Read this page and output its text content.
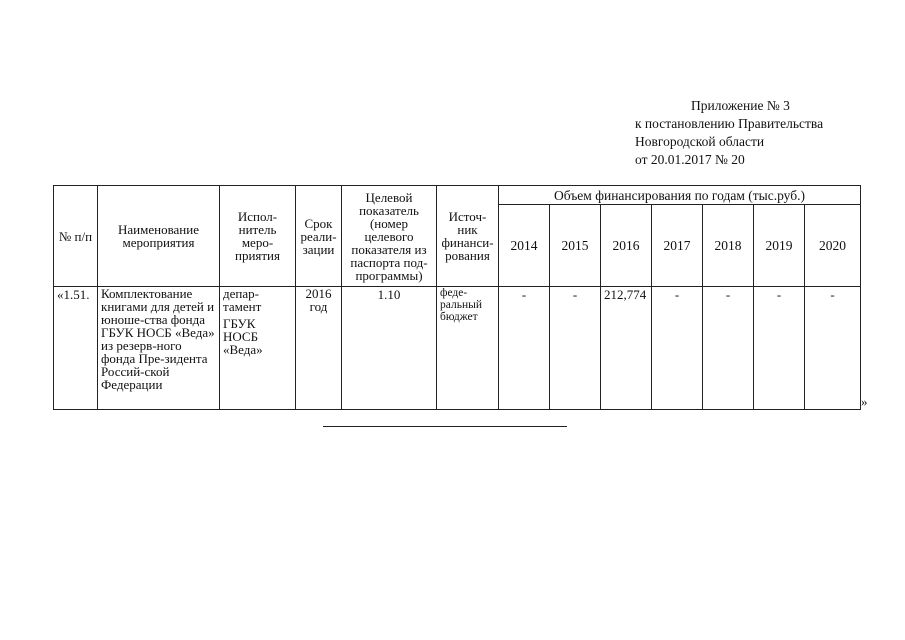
Приложение № 3
к постановлению Правительства
Новгородской области
от 20.01.2017 № 20
№ п/п	Наименование мероприятия	Испол-нитель меро-приятия	Срок реали-зации	Целевой показатель (номер целевого показателя из паспорта под-программы)	Источ-ник финанси-рования	Объем финансирования по годам (тыс.руб.)						
						2014	2015	2016	2017	2018	2019	2020
«1.51.	Комплектование книгами для детей и юноше-ства фонда ГБУК НОСБ «Веда» из резерв-ного фонда Пре-зидента Россий-ской Федерации	депар-тамент
ГБУК НОСБ «Веда»	2016 год	1.10	феде-ральный бюджет	-	-	212,774	-	-	-	-
»
